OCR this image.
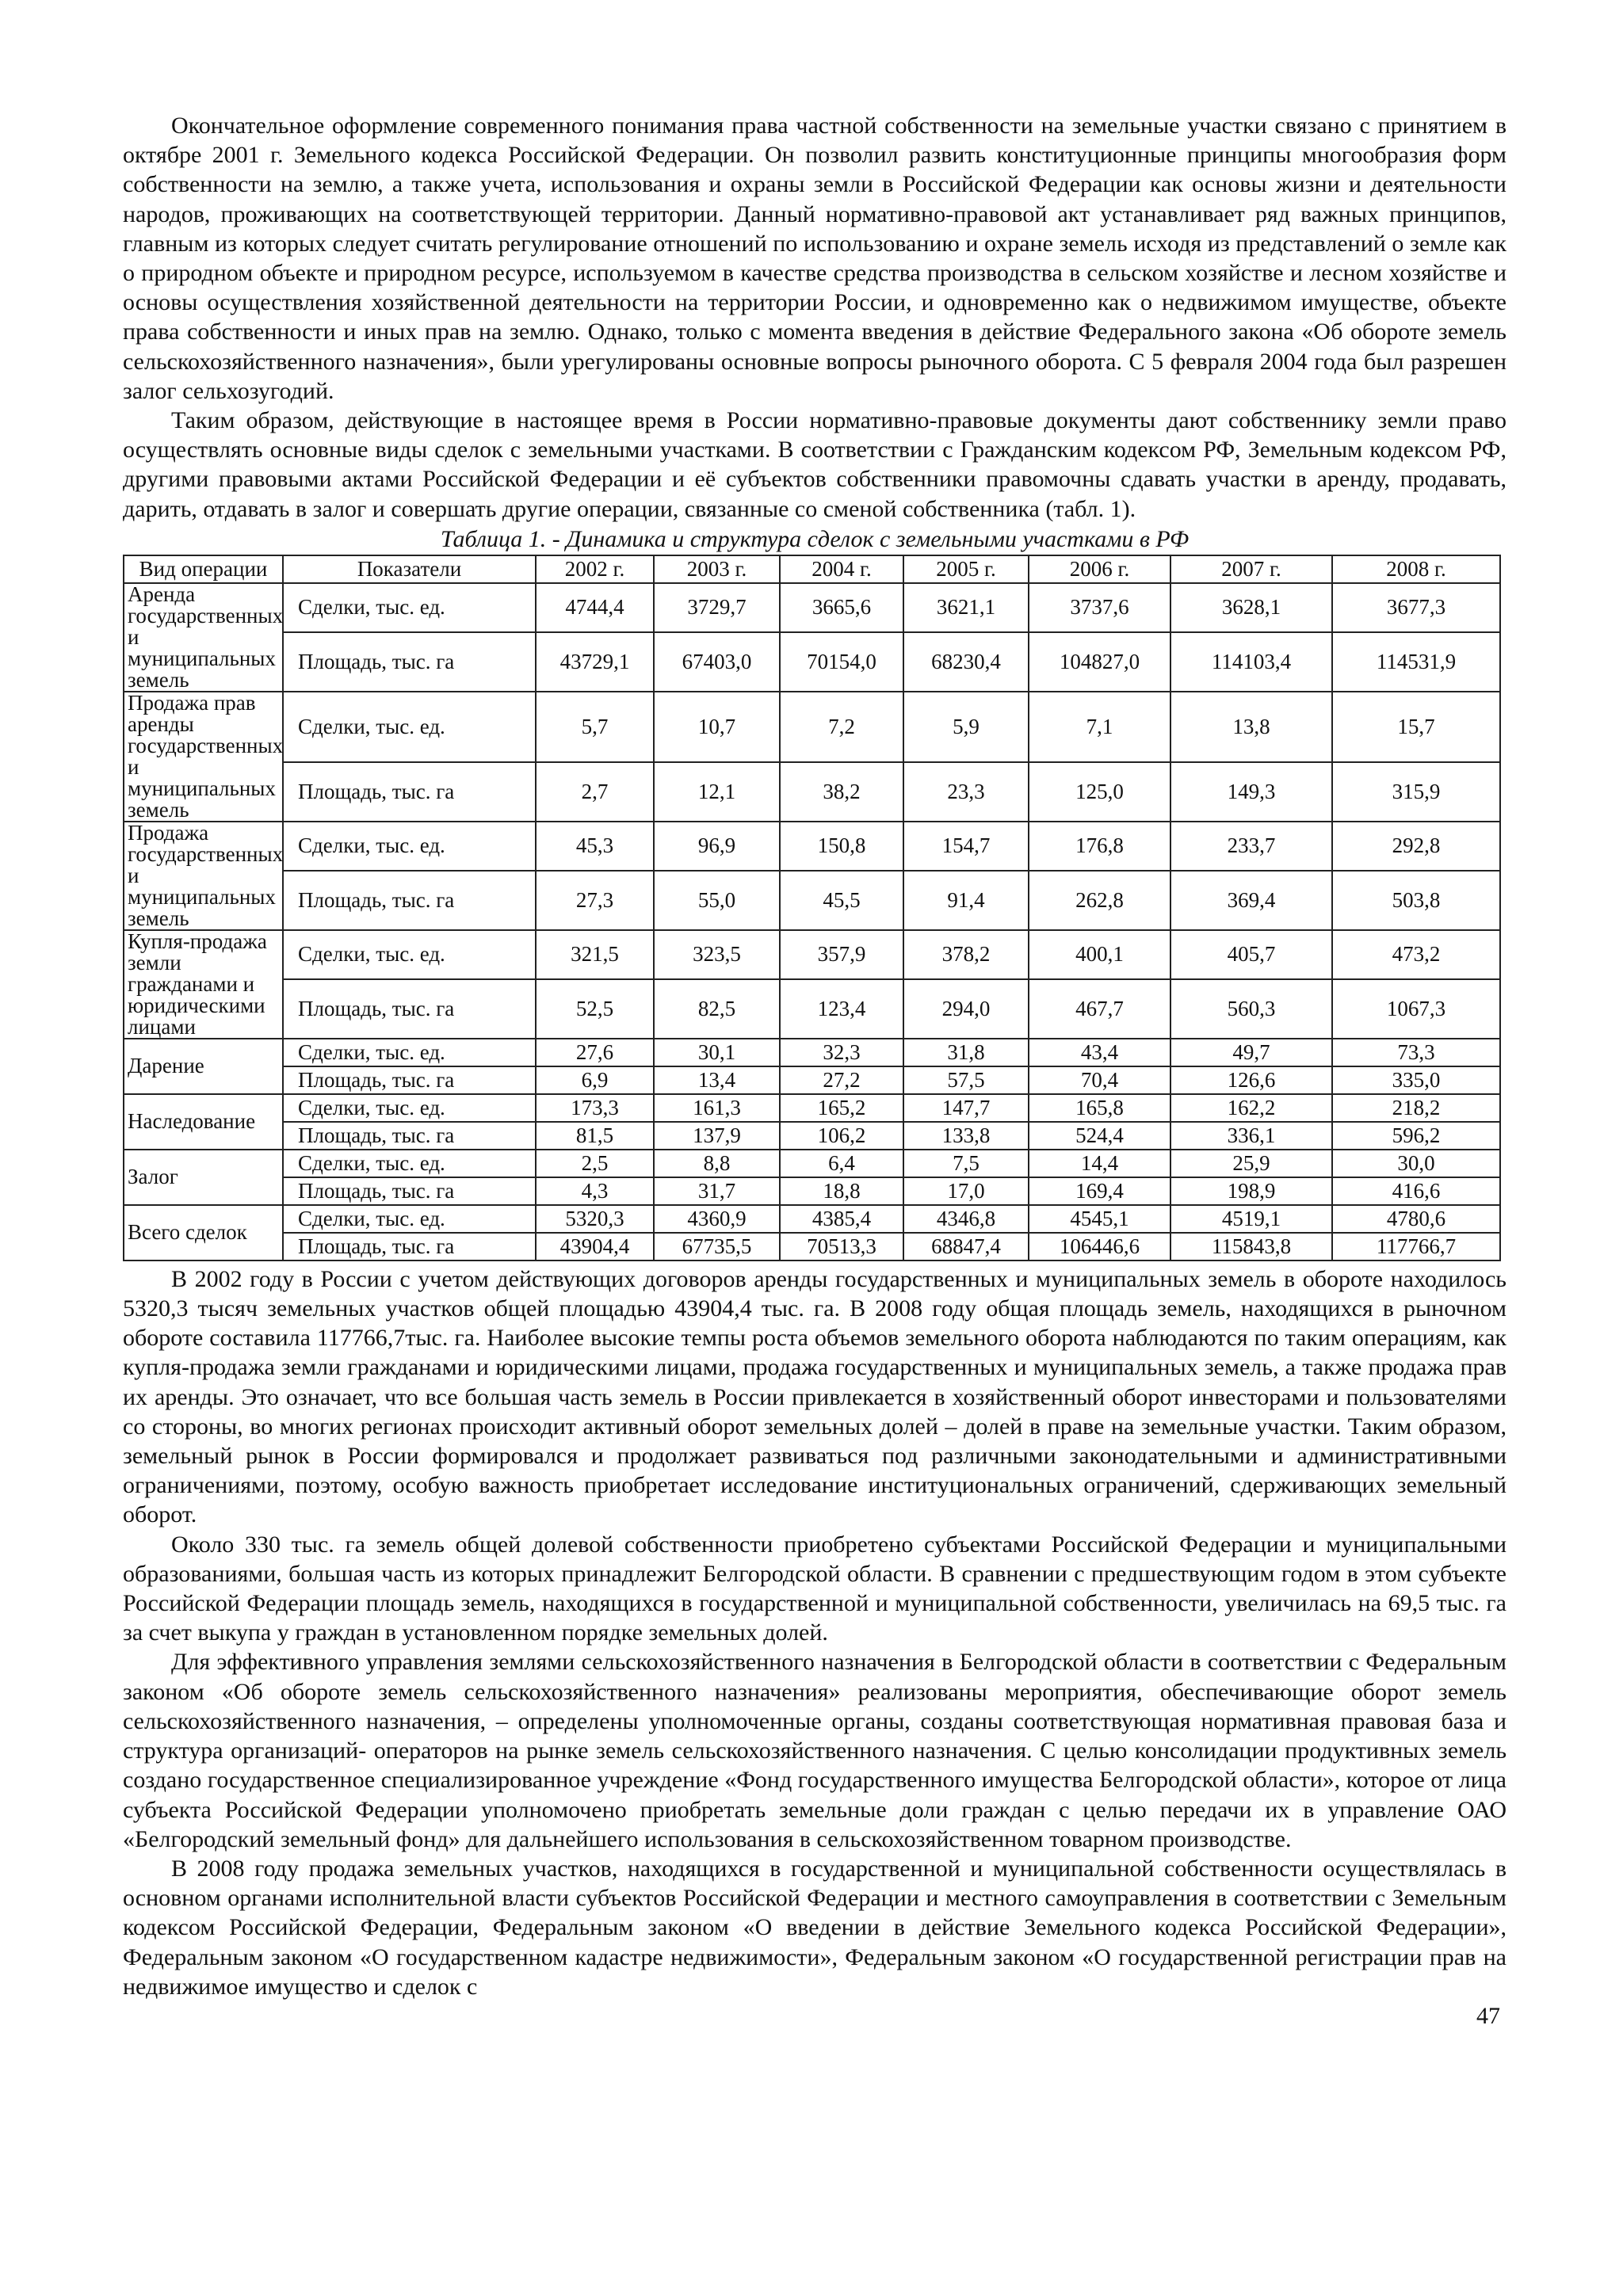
Окончательное оформление современного понимания права частной собственности на земельные участки связано с принятием в октябре 2001 г. Земельного кодекса Российской Федерации. Он позволил развить конституционные принципы многообразия форм собственности на землю, а также учета, использования и охраны земли в Российской Федерации как основы жизни и деятельности народов, проживающих на соответствующей территории. Данный нормативно-правовой акт устанавливает ряд важных принципов, главным из которых следует считать регулирование отношений по использованию и охране земель исходя из представлений о земле как о природном объекте и природном ресурсе, используемом в качестве средства производства в сельском хозяйстве и лесном хозяйстве и основы осуществления хозяйственной деятельности на территории России, и одновременно как о недвижимом имуществе, объекте права собственности и иных прав на землю. Однако, только с момента введения в действие Федерального закона «Об обороте земель сельскохозяйственного назначения», были урегулированы основные вопросы рыночного оборота. С 5 февраля 2004 года был разрешен залог сельхозугодий.

Таким образом, действующие в настоящее время в России нормативно-правовые документы дают собственнику земли право осуществлять основные виды сделок с земельными участками. В соответствии с Гражданским кодексом РФ, Земельным кодексом РФ, другими правовыми актами Российской Федерации и её субъектов собственники правомочны сдавать участки в аренду, продавать, дарить, отдавать в залог и совершать другие операции, связанные со сменой собственника (табл. 1).

Таблица 1. - Динамика и структура сделок с земельными участками в РФ

Вид операции	Показатели	2002 г.	2003 г.	2004 г.	2005 г.	2006 г.	2007 г.	2008 г.
Аренда государственных и муниципальных земель	Сделки, тыс. ед.	4744,4	3729,7	3665,6	3621,1	3737,6	3628,1	3677,3
	Площадь, тыс. га	43729,1	67403,0	70154,0	68230,4	104827,0	114103,4	114531,9
Продажа прав аренды государственных и муниципальных земель	Сделки, тыс. ед.	5,7	10,7	7,2	5,9	7,1	13,8	15,7
	Площадь, тыс. га	2,7	12,1	38,2	23,3	125,0	149,3	315,9
Продажа государственных и муниципальных земель	Сделки, тыс. ед.	45,3	96,9	150,8	154,7	176,8	233,7	292,8
	Площадь, тыс. га	27,3	55,0	45,5	91,4	262,8	369,4	503,8
Купля-продажа земли гражданами и юридическими лицами	Сделки, тыс. ед.	321,5	323,5	357,9	378,2	400,1	405,7	473,2
	Площадь, тыс. га	52,5	82,5	123,4	294,0	467,7	560,3	1067,3
Дарение	Сделки, тыс. ед.	27,6	30,1	32,3	31,8	43,4	49,7	73,3
	Площадь, тыс. га	6,9	13,4	27,2	57,5	70,4	126,6	335,0
Наследование	Сделки, тыс. ед.	173,3	161,3	165,2	147,7	165,8	162,2	218,2
	Площадь, тыс. га	81,5	137,9	106,2	133,8	524,4	336,1	596,2
Залог	Сделки, тыс. ед.	2,5	8,8	6,4	7,5	14,4	25,9	30,0
	Площадь, тыс. га	4,3	31,7	18,8	17,0	169,4	198,9	416,6
Всего сделок	Сделки, тыс. ед.	5320,3	4360,9	4385,4	4346,8	4545,1	4519,1	4780,6
	Площадь, тыс. га	43904,4	67735,5	70513,3	68847,4	106446,6	115843,8	117766,7

В 2002 году в России с учетом действующих договоров аренды государственных и муниципальных земель в обороте находилось 5320,3 тысяч земельных участков общей площадью 43904,4 тыс. га. В 2008 году общая площадь земель, находящихся в рыночном обороте составила 117766,7тыс. га. Наиболее высокие темпы роста объемов земельного оборота наблюдаются по таким операциям, как купля-продажа земли гражданами и юридическими лицами, продажа государственных и муниципальных земель, а также продажа прав их аренды. Это означает, что все большая часть земель в России привлекается в хозяйственный оборот инвесторами и пользователями со стороны, во многих регионах происходит активный оборот земельных долей – долей в праве на земельные участки. Таким образом, земельный рынок в России формировался и продолжает развиваться под различными законодательными и административными ограничениями, поэтому, особую важность приобретает исследование институциональных ограничений, сдерживающих земельный оборот.

Около 330 тыс. га земель общей долевой собственности приобретено субъектами Российской Федерации и муниципальными образованиями, большая часть из которых принадлежит Белгородской области. В сравнении с предшествующим годом в этом субъекте Российской Федерации площадь земель, находящихся в государственной и муниципальной собственности, увеличилась на 69,5 тыс. га за счет выкупа у граждан в установленном порядке земельных долей.

Для эффективного управления землями сельскохозяйственного назначения в Белгородской области в соответствии с Федеральным законом «Об обороте земель сельскохозяйственного назначения» реализованы мероприятия, обеспечивающие оборот земель сельскохозяйственного назначения, – определены уполномоченные органы, созданы соответствующая нормативная правовая база и структура организаций- операторов на рынке земель сельскохозяйственного назначения. С целью консолидации продуктивных земель создано государственное специализированное учреждение «Фонд государственного имущества Белгородской области», которое от лица субъекта Российской Федерации уполномочено приобретать земельные доли граждан с целью передачи их в управление ОАО «Белгородский земельный фонд» для дальнейшего использования в сельскохозяйственном товарном производстве.

В 2008 году продажа земельных участков, находящихся в государственной и муниципальной собственности осуществлялась в основном органами исполнительной власти субъектов Российской Федерации и местного самоуправления в соответствии с Земельным кодексом Российской Федерации, Федеральным законом «О введении в действие Земельного кодекса Российской Федерации», Федеральным законом «О государственном кадастре недвижимости», Федеральным законом «О государственной регистрации прав на недвижимое имущество и сделок с

47
